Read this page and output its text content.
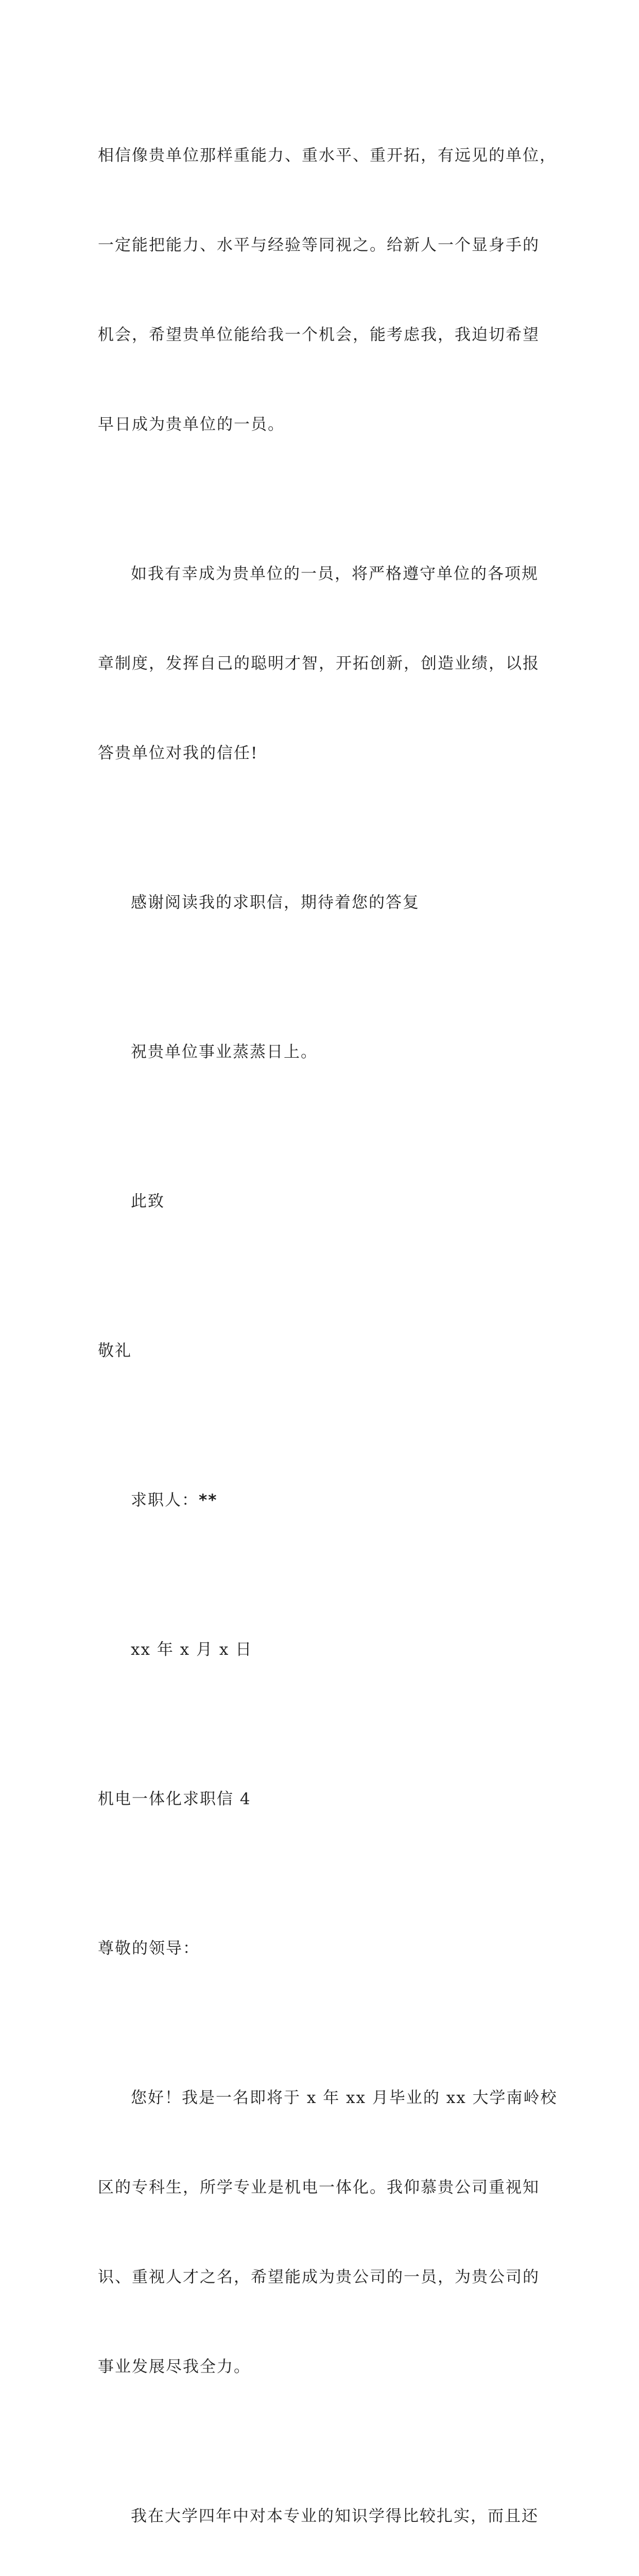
相信像贵单位那样重能力、重水平、重开拓，有远见的单位，

一定能把能力、水平与经验等同视之。给新人一个显身手的

机会，希望贵单位能给我一个机会，能考虑我，我迫切希望

早日成为贵单位的一员。

如我有幸成为贵单位的一员，将严格遵守单位的各项规

章制度，发挥自己的聪明才智，开拓创新，创造业绩，以报

答贵单位对我的信任!

感谢阅读我的求职信，期待着您的答复

祝贵单位事业蒸蒸日上。

此致

敬礼

求职人：**

xx 年 x 月 x 日

机电一体化求职信 4

尊敬的领导：

您好！我是一名即将于 x 年 xx 月毕业的 xx 大学南岭校

区的专科生，所学专业是机电一体化。我仰慕贵公司重视知

识、重视人才之名，希望能成为贵公司的一员，为贵公司的

事业发展尽我全力。

我在大学四年中对本专业的知识学得比较扎实，而且还
